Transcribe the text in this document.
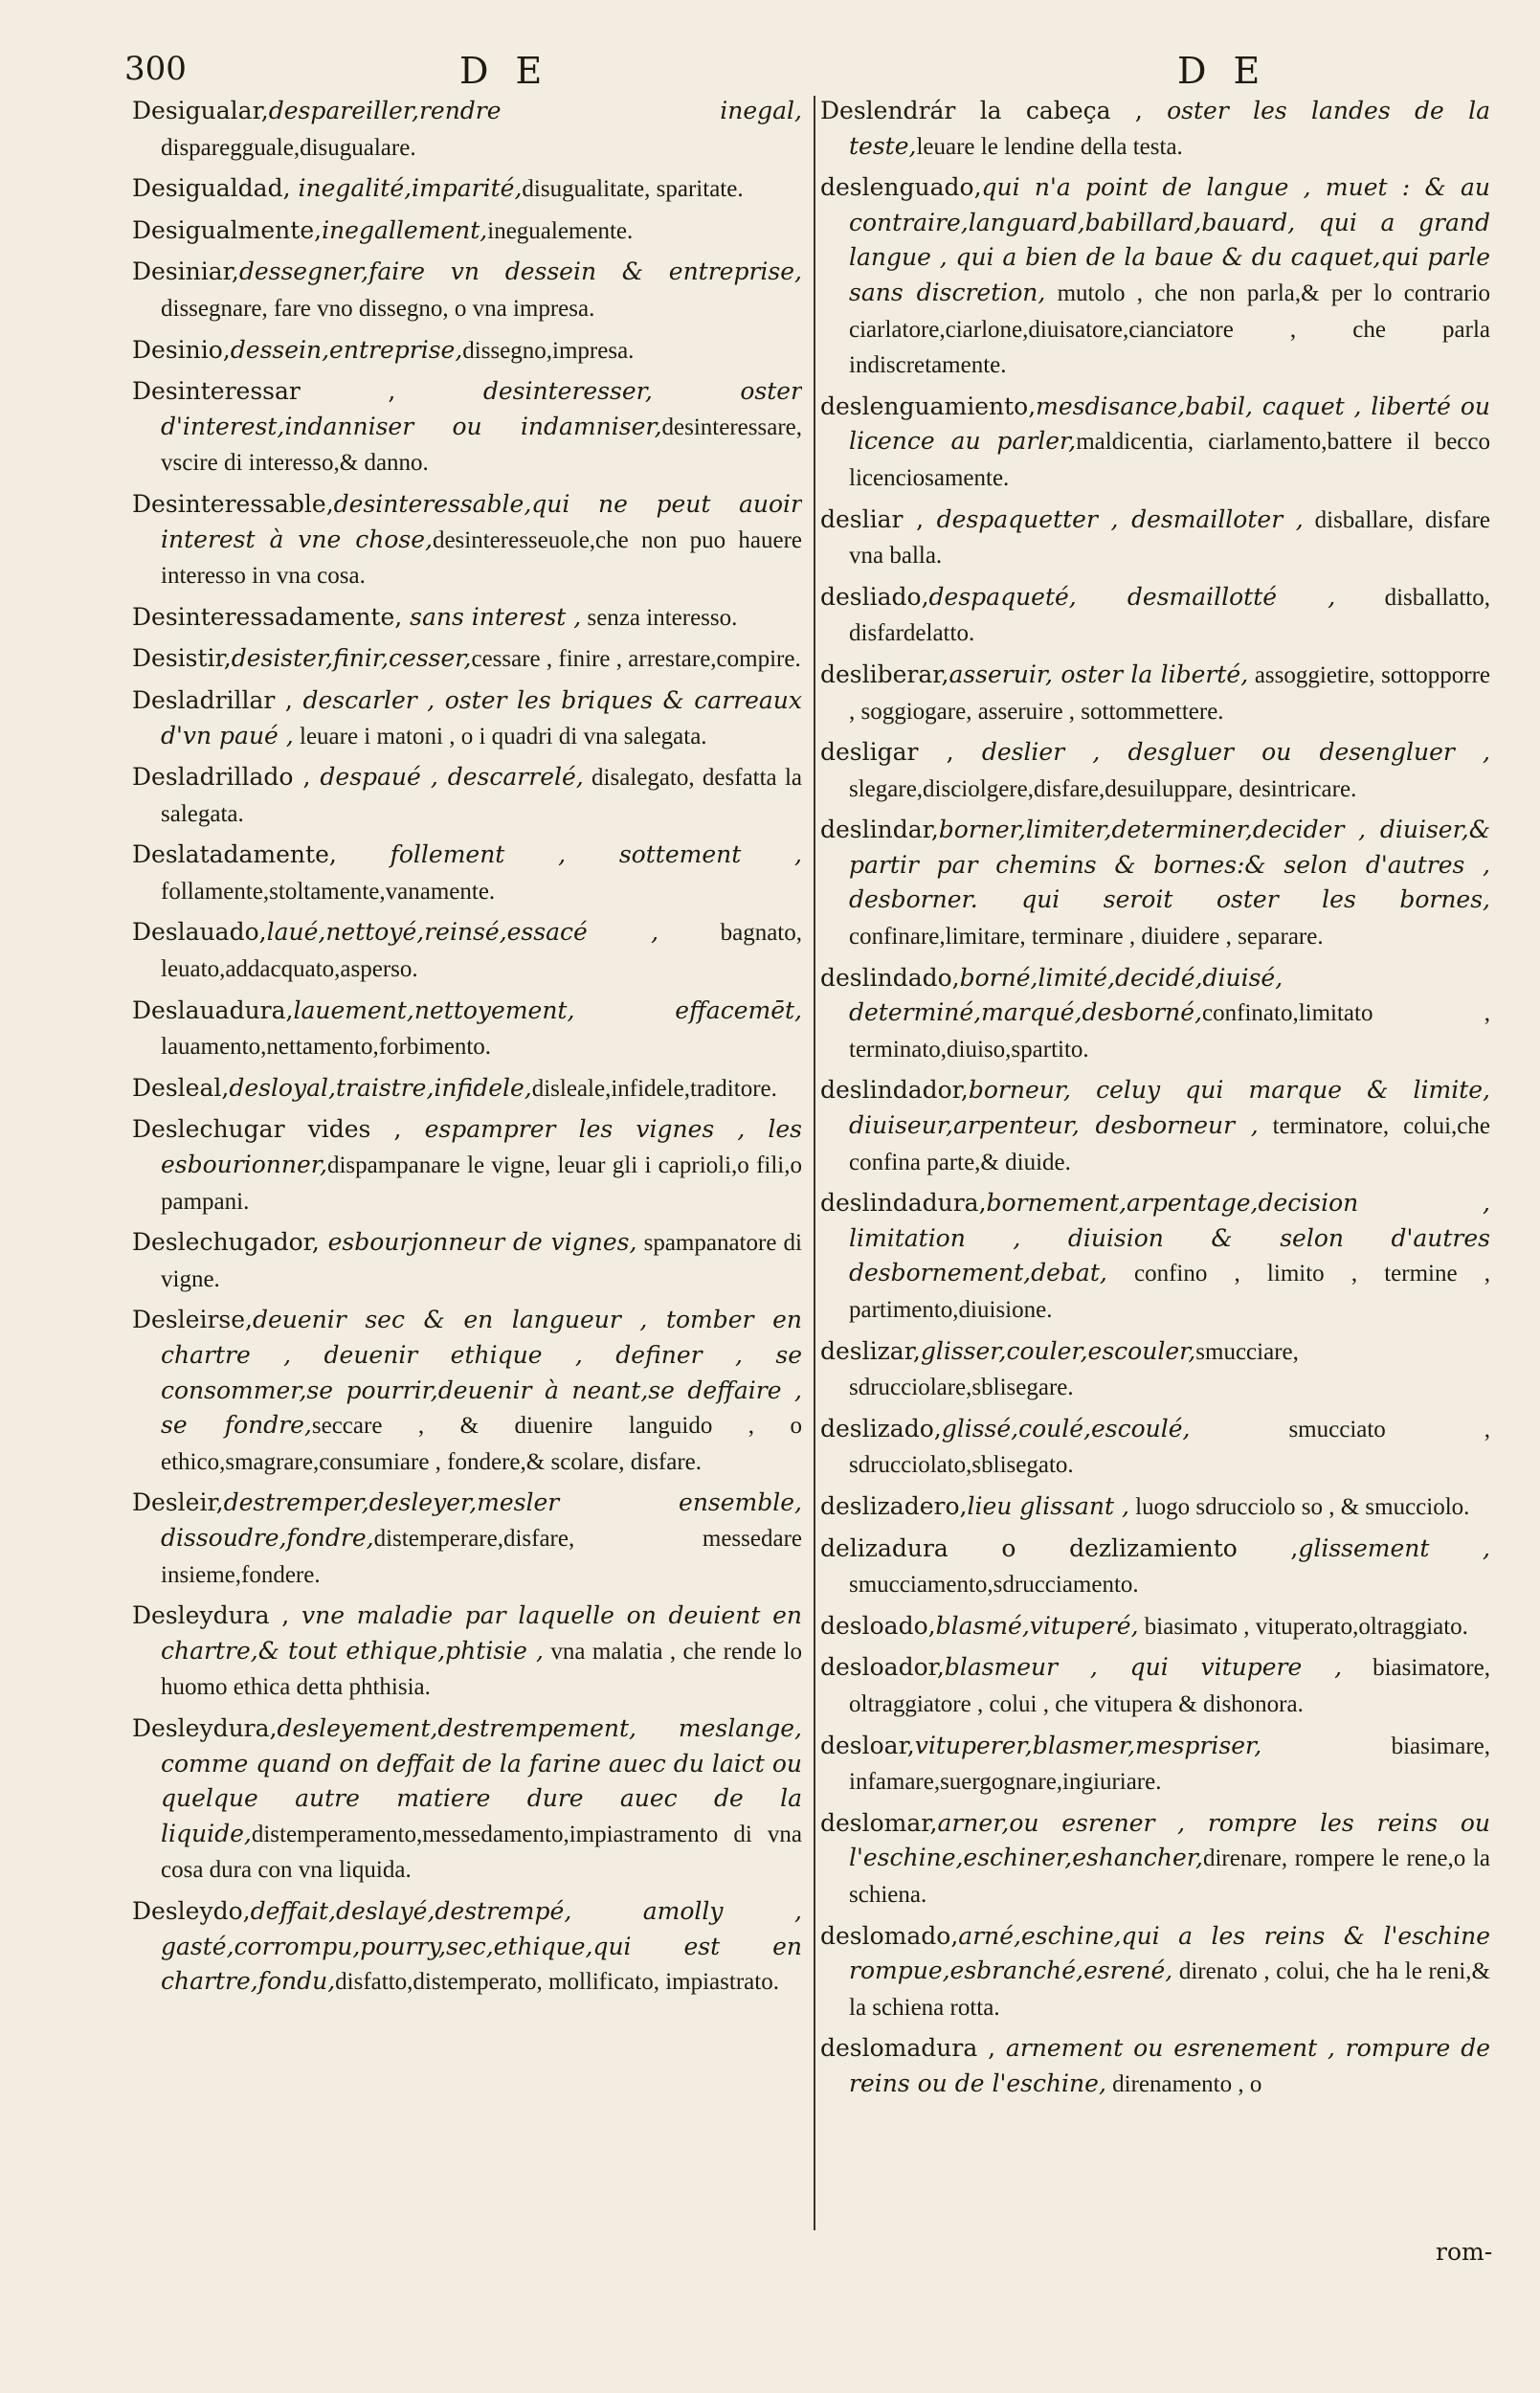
300	D E	D E

Desigualar,despareiller,rendre inegal, disparegguale,disugualare.

Desigualdad, inegalité,imparité,disugualitate, sparitate.

Desigualmente,inegallement,inegualemente.

Desiniar,dessegner,faire vn dessein & entreprise, dissegnare, fare vno dissegno, o vna impresa.

Desinio,dessein,entreprise,dissegno,impresa.

Desinteressar , desinteresser, oster d'interest,indanniser ou indamniser,desinteressare, vscire di interesso,& danno.

Desinteressable,desinteressable,qui ne peut auoir interest à vne chose,desinteresseuole,che non puo hauere interesso in vna cosa.

Desinteressadamente, sans interest , senza interesso.

Desistir,desister,finir,cesser,cessare , finire , arrestare,compire.

Desladrillar , descarler , oster les briques & carreaux d'vn paué , leuare i matoni , o i quadri di vna salegata.

Desladrillado , despaué , descarrelé, disalegato, desfatta la salegata.

Deslatadamente, follement , sottement , follamente,stoltamente,vanamente.

Deslauado,laué,nettoyé,reinsé,essacé , bagnato, leuato,addacquato,asperso.

Deslauadura,lauement,nettoyement, effacemēt, lauamento,nettamento,forbimento.

Desleal,desloyal,traistre,infidele,disleale,infidele,traditore.

Deslechugar vides , espamprer les vignes , les esbourionner,dispampanare le vigne, leuar gli i caprioli,o fili,o pampani.

Deslechugador, esbourjonneur de vignes, spampanatore di vigne.

Desleirse,deuenir sec & en langueur , tomber en chartre , deuenir ethique , definer , se consommer,se pourrir,deuenir à neant,se deffaire , se fondre,seccare , & diuenire languido , o ethico,smagrare,consumiare , fondere,& scolare, disfare.

Desleir,destremper,desleyer,mesler ensemble, dissoudre,fondre,distemperare,disfare, messedare insieme,fondere.

Desleydura , vne maladie par laquelle on deuient en chartre,& tout ethique,phtisie , vna malatia , che rende lo huomo ethica detta phthisia.

Desleydura,desleyement,destrempement, meslange, comme quand on deffait de la farine auec du laict ou quelque autre matiere dure auec de la liquide,distemperamento,messedamento,impiastramento di vna cosa dura con vna liquida.

Desleydo,deffait,deslayé,destrempé, amolly , gasté,corrompu,pourry,sec,ethique,qui est en chartre,fondu,disfatto,distemperato, mollificato, impiastrato.

Deslendrár la cabeça , oster les landes de la teste,leuare le lendine della testa.

deslenguado,qui n'a point de langue , muet : & au contraire,languard,babillard,bauard, qui a grand langue , qui a bien de la baue & du caquet,qui parle sans discretion, mutolo , che non parla,& per lo contrario ciarlatore,ciarlone,diuisatore,cianciatore , che parla indiscretamente.

deslenguamiento,mesdisance,babil, caquet , liberté ou licence au parler,maldicentia, ciarlamento,battere il becco licenciosamente.

desliar , despaquetter , desmailloter , disballare, disfare vna balla.

desliado,despaqueté, desmaillotté , disballatto, disfardelatto.

desliberar,asseruir, oster la liberté, assoggietire, sottopporre , soggiogare, asseruire , sottommettere.

desligar , deslier , desgluer ou desengluer , slegare,disciolgere,disfare,desuiluppare, desintricare.

deslindar,borner,limiter,determiner,decider , diuiser,& partir par chemins & bornes:& selon d'autres , desborner. qui seroit oster les bornes, confinare,limitare, terminare , diuidere , separare.

deslindado,borné,limité,decidé,diuisé, determiné,marqué,desborné,confinato,limitato , terminato,diuiso,spartito.

deslindador,borneur, celuy qui marque & limite, diuiseur,arpenteur, desborneur , terminatore, colui,che confina parte,& diuide.

deslindadura,bornement,arpentage,decision , limitation , diuision & selon d'autres desbornement,debat, confino , limito , termine , partimento,diuisione.

deslizar,glisser,couler,escouler,smucciare, sdrucciolare,sblisegare.

deslizado,glissé,coulé,escoulé, smucciato , sdrucciolato,sblisegato.

deslizadero,lieu glissant , luogo sdrucciolo so , & smucciolo.

delizadura o dezlizamiento ,glissement , smucciamento,sdrucciamento.

desloado,blasmé,vituperé, biasimato , vituperato,oltraggiato.

desloador,blasmeur , qui vitupere , biasimatore, oltraggiatore , colui , che vitupera & dishonora.

desloar,vituperer,blasmer,mespriser, biasimare, infamare,suergognare,ingiuriare.

deslomar,arner,ou esrener , rompre les reins ou l'eschine,eschiner,eshancher,direnare, rompere le rene,o la schiena.

deslomado,arné,eschine,qui a les reins & l'eschine rompue,esbranché,esrené, direnato , colui, che ha le reni,& la schiena rotta.

deslomadura , arnement ou esrenement , rompure de reins ou de l'eschine, direnamento , o

rom-
